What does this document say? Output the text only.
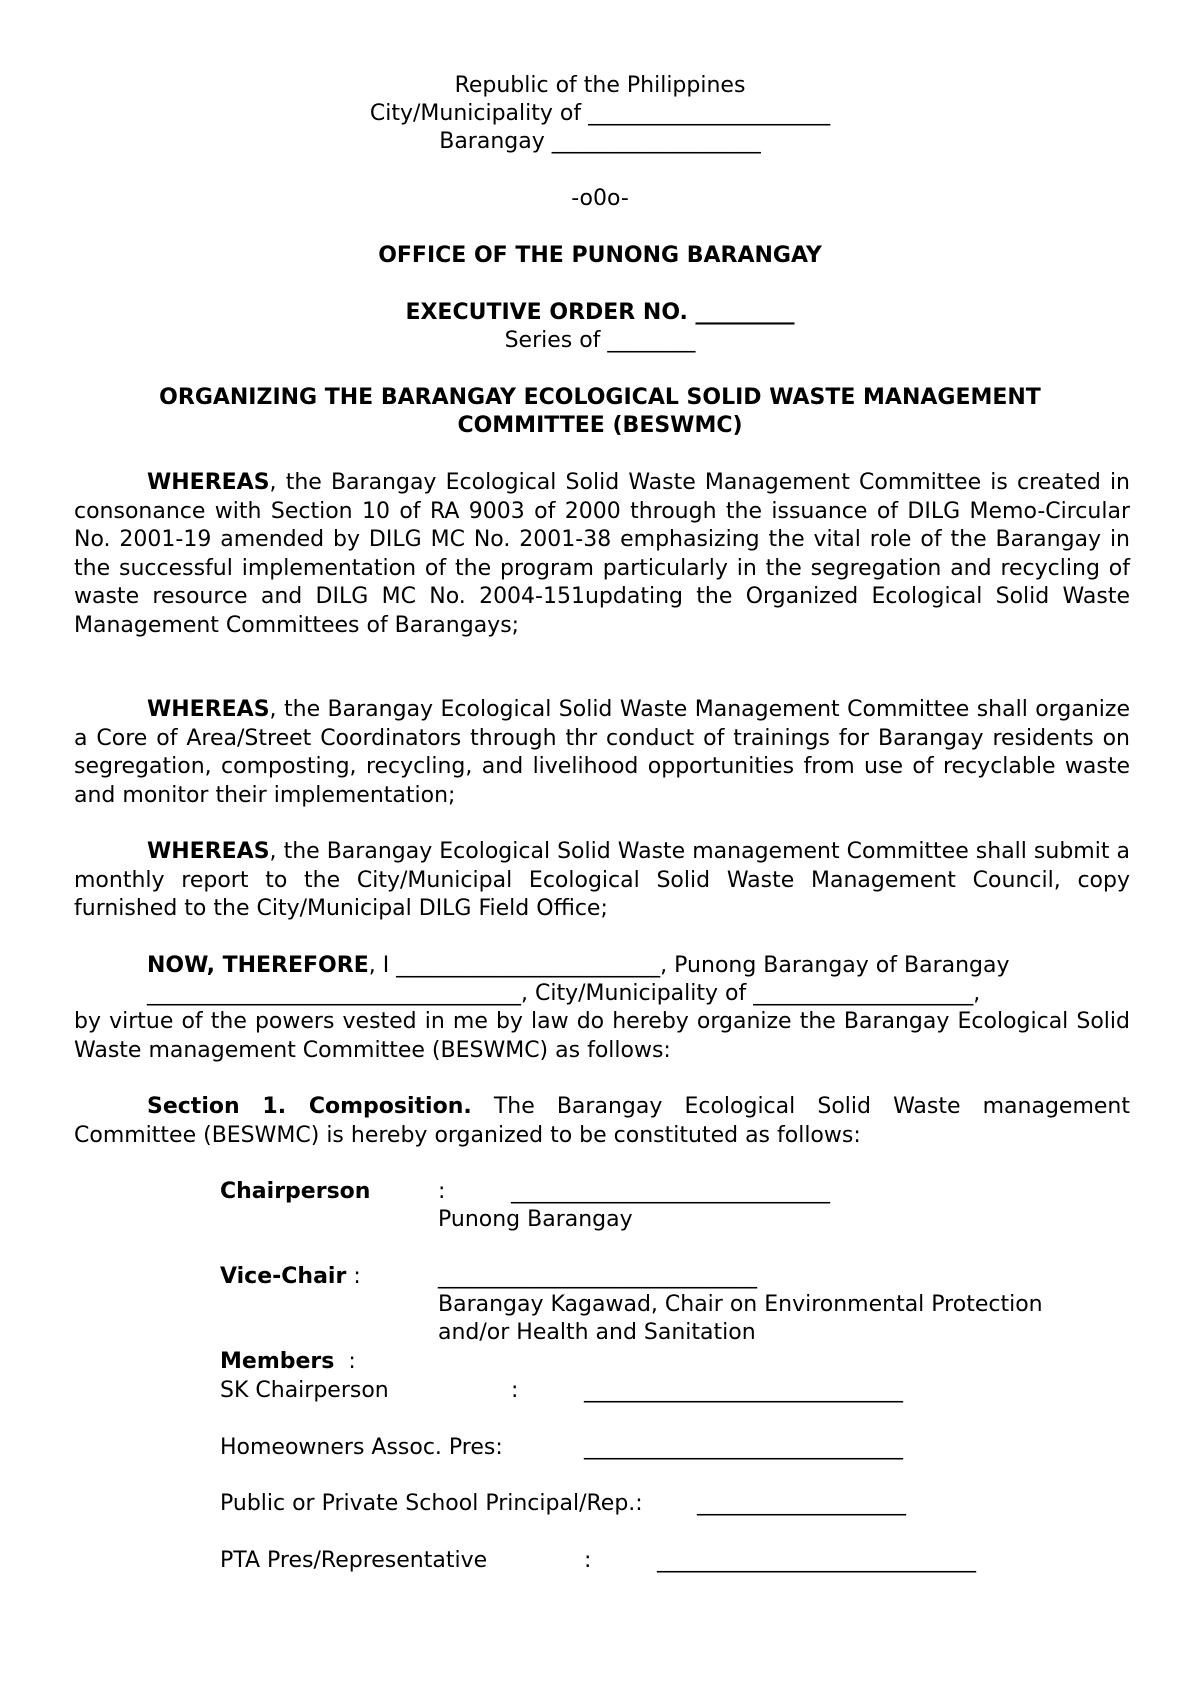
Republic of the Philippines
City/Municipality of ______________________
Barangay ___________________
-o0o-
OFFICE OF THE PUNONG BARANGAY
EXECUTIVE ORDER NO. _________
Series of ________
ORGANIZING THE BARANGAY ECOLOGICAL SOLID WASTE MANAGEMENT
COMMITTEE (BESWMC)
WHEREAS, the Barangay Ecological Solid Waste Management Committee is created in consonance with Section 10 of RA 9003 of 2000 through the issuance of DILG Memo-Circular No. 2001-19 amended by DILG MC No. 2001-38 emphasizing the vital role of the Barangay in the successful implementation of the program particularly in the segregation and recycling of waste resource and DILG MC No. 2004-151updating the Organized Ecological Solid Waste Management Committees of Barangays;
WHEREAS, the Barangay Ecological Solid Waste Management Committee shall organize a Core of Area/Street Coordinators through thr conduct of trainings for Barangay residents on segregation, composting, recycling, and livelihood opportunities from use of recyclable waste and monitor their implementation;
WHEREAS, the Barangay Ecological Solid Waste management Committee shall submit a monthly report to the City/Municipal Ecological Solid Waste Management Council, copy furnished to the City/Municipal DILG Field Office;
NOW, THEREFORE, I ________________________, Punong Barangay of Barangay
__________________________________, City/Municipality of ____________________,
by virtue of the powers vested in me by law do hereby organize the Barangay Ecological Solid Waste management Committee (BESWMC) as follows:
Section 1. Composition. The Barangay Ecological Solid Waste management Committee (BESWMC) is hereby organized to be constituted as follows:
Chairperson	:	_____________________________
Punong Barangay
Vice-Chair :	_____________________________
Barangay Kagawad, Chair on Environmental Protection
and/or Health and Sanitation
Members  :
SK Chairperson	:	_____________________________
Homeowners Assoc. Pres:	_____________________________
Public or Private School Principal/Rep.: ___________________
PTA Pres/Representative	:	_____________________________
